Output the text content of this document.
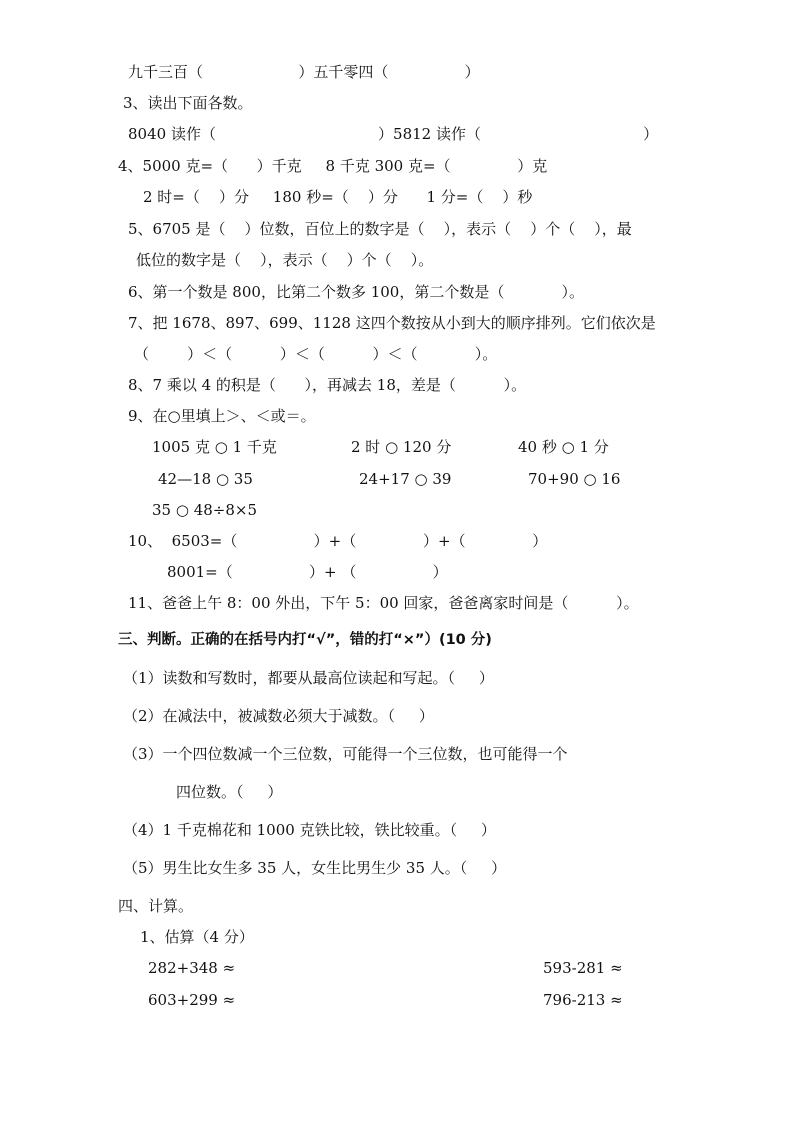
九千三百（                    ）五千零四（                ）
3、读出下面各数。
8040 读作（                                  ）5812 读作（                                  ）
4、5000 克=（      ）千克     8 千克 300 克=（              ）克
2 时=（    ）分     180 秒=（    ）分      1 分=（    ）秒
5、6705 是（    ）位数，百位上的数字是（    ），表示（    ）个（    ），最
低位的数字是（    ），表示（    ）个（    ）。
6、第一个数是 800，比第二个数多 100，第二个数是（            ）。
7、把 1678、897、699、1128 这四个数按从小到大的顺序排列。它们依次是
（        ）＜（          ）＜（          ）＜（            ）。
8、7 乘以 4 的积是（      ），再减去 18，差是（          ）。
9、在○里填上＞、＜或＝。
1005 克 ○ 1 千克	2 时 ○ 120 分	40 秒 ○ 1 分
42—18 ○ 35	24+17 ○ 39	70+90 ○ 16
35 ○ 48÷8×5
10、  6503=（                ）+（              ）+（              ）
8001=（                ）+ （                ）
11、爸爸上午 8：00 外出，下午 5：00 回家，爸爸离家时间是（          ）。
三、判断。正确的在括号内打“√”，错的打“×”）(10 分)
（1）读数和写数时，都要从最高位读起和写起。（     ）
（2）在减法中，被减数必须大于减数。（     ）
（3）一个四位数减一个三位数，可能得一个三位数，也可能得一个
四位数。（     ）
（4）1 千克棉花和 1000 克铁比较，铁比较重。（     ）
（5）男生比女生多 35 人，女生比男生少 35 人。（     ）
四、计算。
1、估算（4 分）
282+348 ≈	593-281 ≈
603+299 ≈	796-213 ≈
